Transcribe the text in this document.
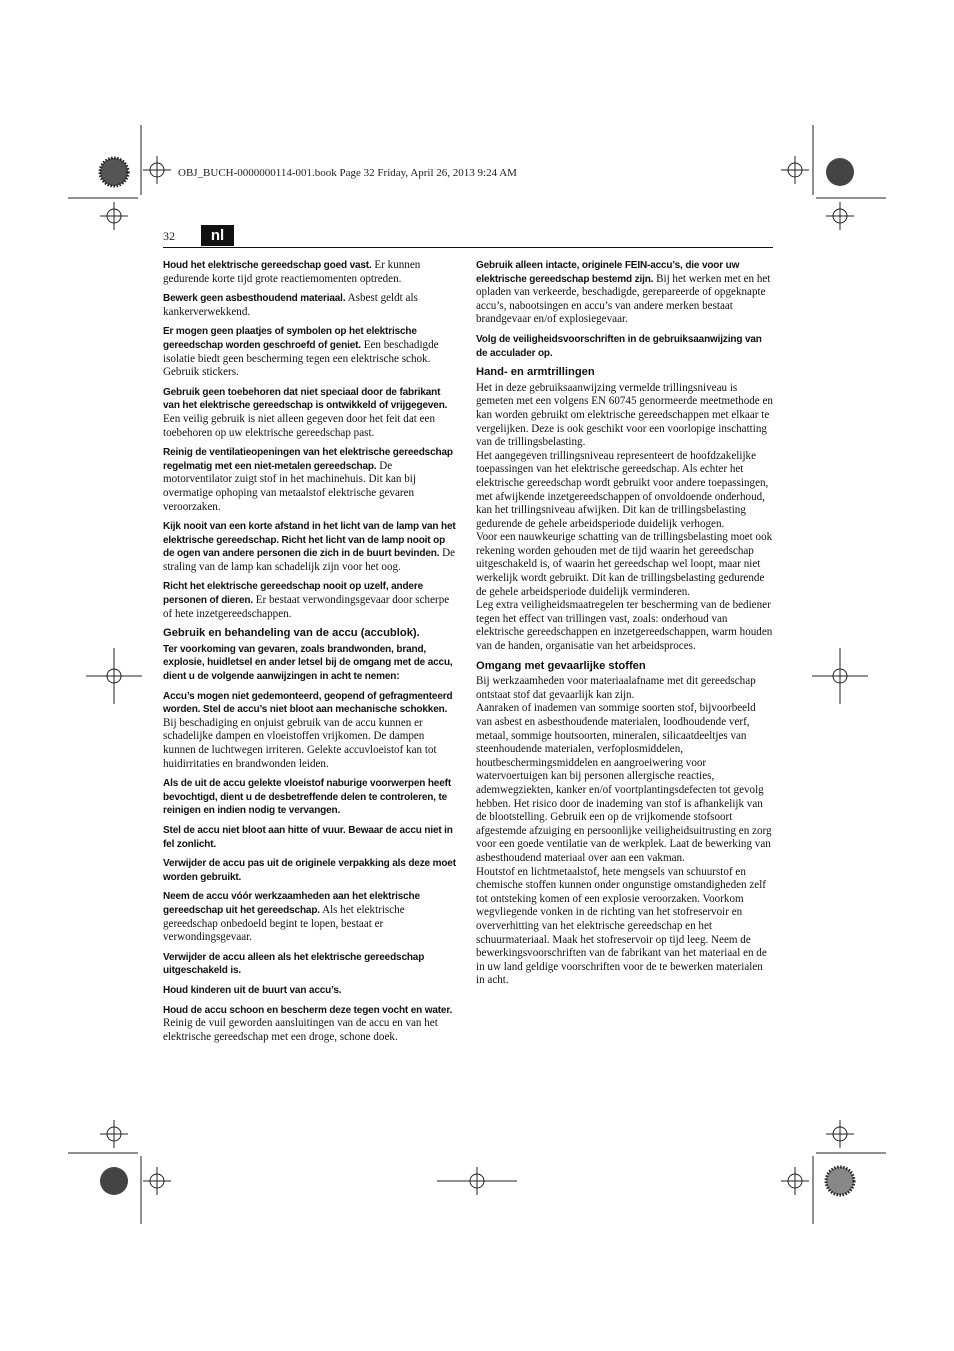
OBJ_BUCH-0000000114-001.book Page 32 Friday, April 26, 2013 9:24 AM
32	nl

Houd het elektrische gereedschap goed vast. Er kunnen gedurende korte tijd grote reactiemomenten optreden.

Bewerk geen asbesthoudend materiaal. Asbest geldt als kankerverwekkend.

Er mogen geen plaatjes of symbolen op het elektrische gereedschap worden geschroefd of geniet. Een beschadigde isolatie biedt geen bescherming tegen een elektrische schok. Gebruik stickers.

Gebruik geen toebehoren dat niet speciaal door de fabrikant van het elektrische gereedschap is ontwikkeld of vrijgegeven. Een veilig gebruik is niet alleen gegeven door het feit dat een toebehoren op uw elektrische gereedschap past.

Reinig de ventilatieopeningen van het elektrische gereedschap regelmatig met een niet-metalen gereedschap. De motorventilator zuigt stof in het machinehuis. Dit kan bij overmatige ophoping van metaalstof elektrische gevaren veroorzaken.

Kijk nooit van een korte afstand in het licht van de lamp van het elektrische gereedschap. Richt het licht van de lamp nooit op de ogen van andere personen die zich in de buurt bevinden. De straling van de lamp kan schadelijk zijn voor het oog.

Richt het elektrische gereedschap nooit op uzelf, andere personen of dieren. Er bestaat verwondingsgevaar door scherpe of hete inzetgereedschappen.

Gebruik en behandeling van de accu (accublok).

Ter voorkoming van gevaren, zoals brandwonden, brand, explosie, huidletsel en ander letsel bij de omgang met de accu, dient u de volgende aanwijzingen in acht te nemen:

Accu’s mogen niet gedemonteerd, geopend of gefragmenteerd worden. Stel de accu’s niet bloot aan mechanische schokken. Bij beschadiging en onjuist gebruik van de accu kunnen er schadelijke dampen en vloeistoffen vrijkomen. De dampen kunnen de luchtwegen irriteren. Gelekte accuvloeistof kan tot huidirritaties en brandwonden leiden.

Als de uit de accu gelekte vloeistof naburige voorwerpen heeft bevochtigd, dient u de desbetreffende delen te controleren, te reinigen en indien nodig te vervangen.

Stel de accu niet bloot aan hitte of vuur. Bewaar de accu niet in fel zonlicht.

Verwijder de accu pas uit de originele verpakking als deze moet worden gebruikt.

Neem de accu vóór werkzaamheden aan het elektrische gereedschap uit het gereedschap. Als het elektrische gereedschap onbedoeld begint te lopen, bestaat er verwondingsgevaar.

Verwijder de accu alleen als het elektrische gereedschap uitgeschakeld is.

Houd kinderen uit de buurt van accu’s.

Houd de accu schoon en bescherm deze tegen vocht en water. Reinig de vuil geworden aansluitingen van de accu en van het elektrische gereedschap met een droge, schone doek.

Gebruik alleen intacte, originele FEIN-accu’s, die voor uw elektrische gereedschap bestemd zijn. Bij het werken met en het opladen van verkeerde, beschadigde, gerepareerde of opgeknapte accu’s, nabootsingen en accu’s van andere merken bestaat brandgevaar en/of explosiegevaar.

Volg de veiligheidsvoorschriften in de gebruiksaanwijzing van de acculader op.

Hand- en armtrillingen

Het in deze gebruiksaanwijzing vermelde trillingsniveau is gemeten met een volgens EN 60745 genormeerde meetmethode en kan worden gebruikt om elektrische gereedschappen met elkaar te vergelijken. Deze is ook geschikt voor een voorlopige inschatting van de trillingsbelasting.

Het aangegeven trillingsniveau representeert de hoofdzakelijke toepassingen van het elektrische gereedschap. Als echter het elektrische gereedschap wordt gebruikt voor andere toepassingen, met afwijkende inzetgereedschappen of onvoldoende onderhoud, kan het trillingsniveau afwijken. Dit kan de trillingsbelasting gedurende de gehele arbeidsperiode duidelijk verhogen.

Voor een nauwkeurige schatting van de trillingsbelasting moet ook rekening worden gehouden met de tijd waarin het gereedschap uitgeschakeld is, of waarin het gereedschap wel loopt, maar niet werkelijk wordt gebruikt. Dit kan de trillingsbelasting gedurende de gehele arbeidsperiode duidelijk verminderen.

Leg extra veiligheidsmaatregelen ter bescherming van de bediener tegen het effect van trillingen vast, zoals: onderhoud van elektrische gereedschappen en inzetgereedschappen, warm houden van de handen, organisatie van het arbeidsproces.

Omgang met gevaarlijke stoffen

Bij werkzaamheden voor materiaalafname met dit gereedschap ontstaat stof dat gevaarlijk kan zijn.

Aanraken of inademen van sommige soorten stof, bijvoorbeeld van asbest en asbesthoudende materialen, loodhoudende verf, metaal, sommige houtsoorten, mineralen, silicaatdeeltjes van steenhoudende materialen, verfoplosmiddelen, houtbeschermingsmiddelen en aangroeiwering voor watervoertuigen kan bij personen allergische reacties, ademwegziekten, kanker en/of voortplantingsdefecten tot gevolg hebben. Het risico door de inademing van stof is afhankelijk van de blootstelling. Gebruik een op de vrijkomende stofsoort afgestemde afzuiging en persoonlijke veiligheidsuitrusting en zorg voor een goede ventilatie van de werkplek. Laat de bewerking van asbesthoudend materiaal over aan een vakman.

Houtstof en lichtmetaalstof, hete mengsels van schuurstof en chemische stoffen kunnen onder ongunstige omstandigheden zelf tot ontsteking komen of een explosie veroorzaken. Voorkom wegvliegende vonken in de richting van het stofreservoir en oververhitting van het elektrische gereedschap en het schuurmateriaal. Maak het stofreservoir op tijd leeg. Neem de bewerkingsvoorschriften van de fabrikant van het materiaal en de in uw land geldige voorschriften voor de te bewerken materialen in acht.
